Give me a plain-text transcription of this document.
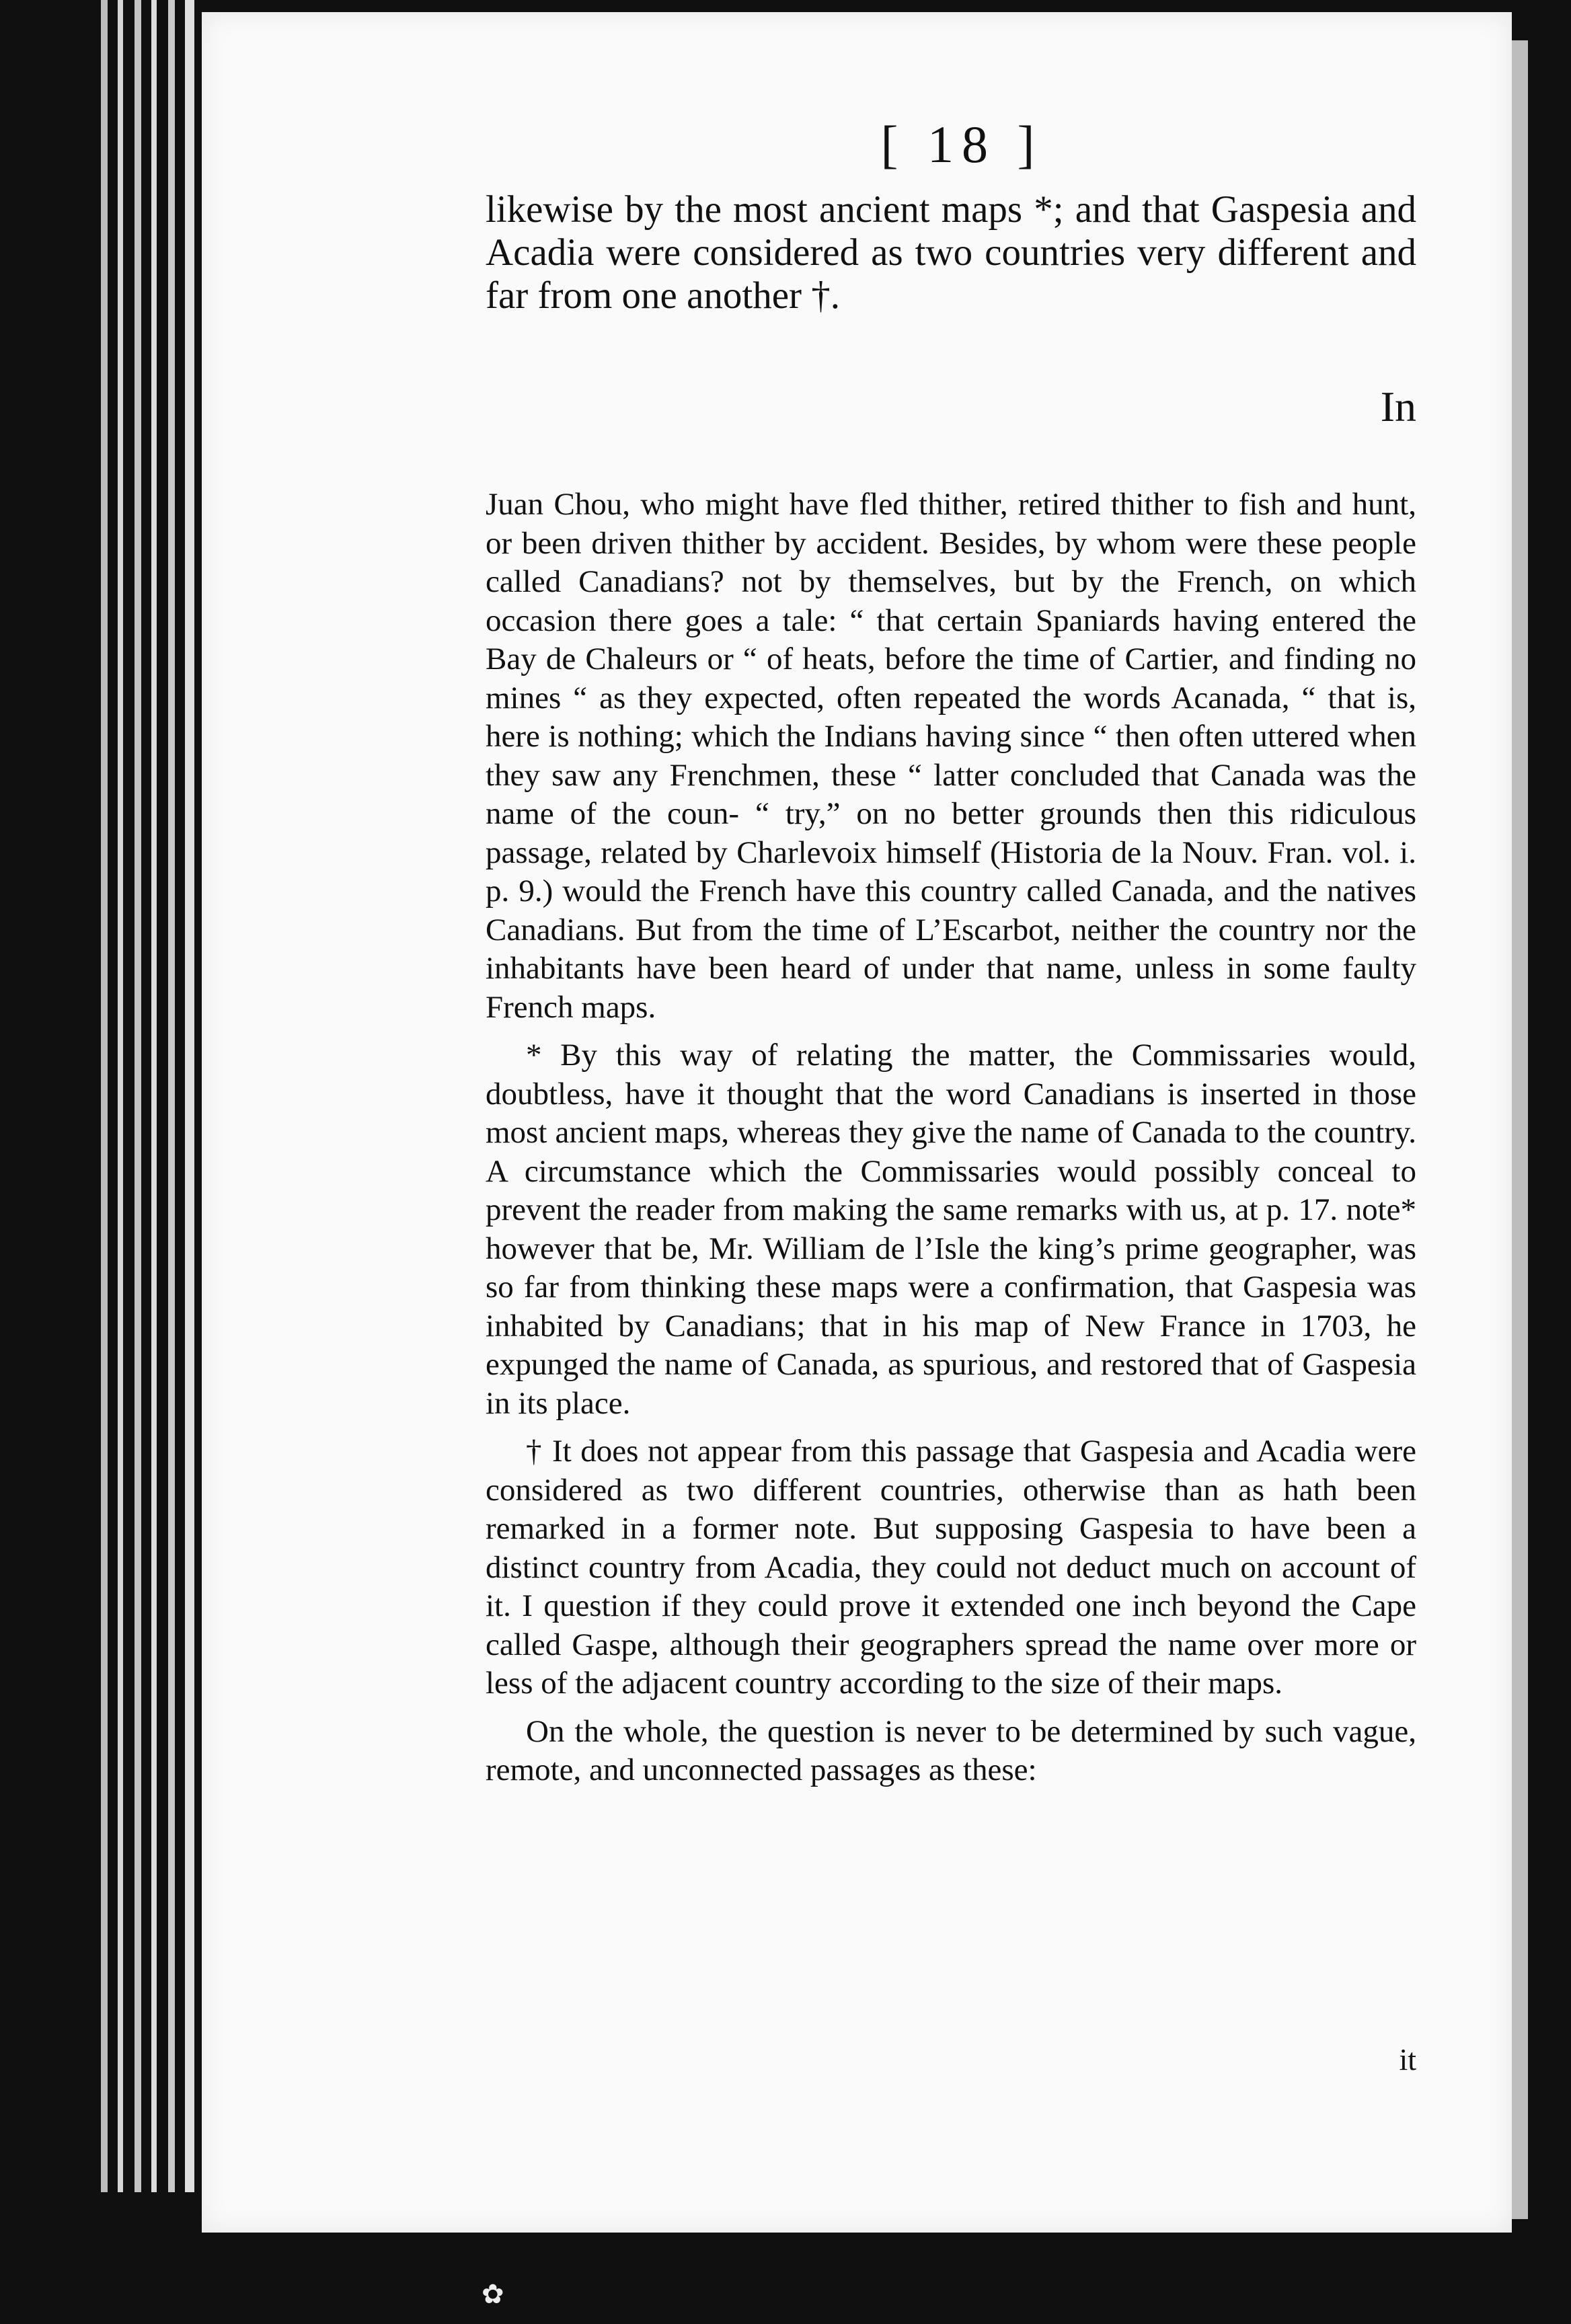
[ 18 ]

likewise by the most ancient maps *; and that Gaspesia and Acadia were considered as two countries very different and far from one another †.

In

Juan Chou, who might have fled thither, retired thither to fish and hunt, or been driven thither by accident. Besides, by whom were these people called Canadians? not by themselves, but by the French, on which occasion there goes a tale: “ that certain Spaniards having entered the Bay de Chaleurs or “ of heats, before the time of Cartier, and finding no mines “ as they expected, often repeated the words Acanada, “ that is, here is nothing; which the Indians having since “ then often uttered when they saw any Frenchmen, these “ latter concluded that Canada was the name of the coun- “ try,” on no better grounds then this ridiculous passage, related by Charlevoix himself (Historia de la Nouv. Fran. vol. i. p. 9.) would the French have this country called Canada, and the natives Canadians. But from the time of L’Escarbot, neither the country nor the inhabitants have been heard of under that name, unless in some faulty French maps.

* By this way of relating the matter, the Commissaries would, doubtless, have it thought that the word Canadians is inserted in those most ancient maps, whereas they give the name of Canada to the country. A circumstance which the Commissaries would possibly conceal to prevent the reader from making the same remarks with us, at p. 17. note* however that be, Mr. William de l’Isle the king’s prime geographer, was so far from thinking these maps were a confirmation, that Gaspesia was inhabited by Canadians; that in his map of New France in 1703, he expunged the name of Canada, as spurious, and restored that of Gaspesia in its place.

† It does not appear from this passage that Gaspesia and Acadia were considered as two different countries, otherwise than as hath been remarked in a former note. But supposing Gaspesia to have been a distinct country from Acadia, they could not deduct much on account of it. I question if they could prove it extended one inch beyond the Cape called Gaspe, although their geographers spread the name over more or less of the adjacent country according to the size of their maps.

On the whole, the question is never to be determined by such vague, remote, and unconnected passages as these:

it
✿
